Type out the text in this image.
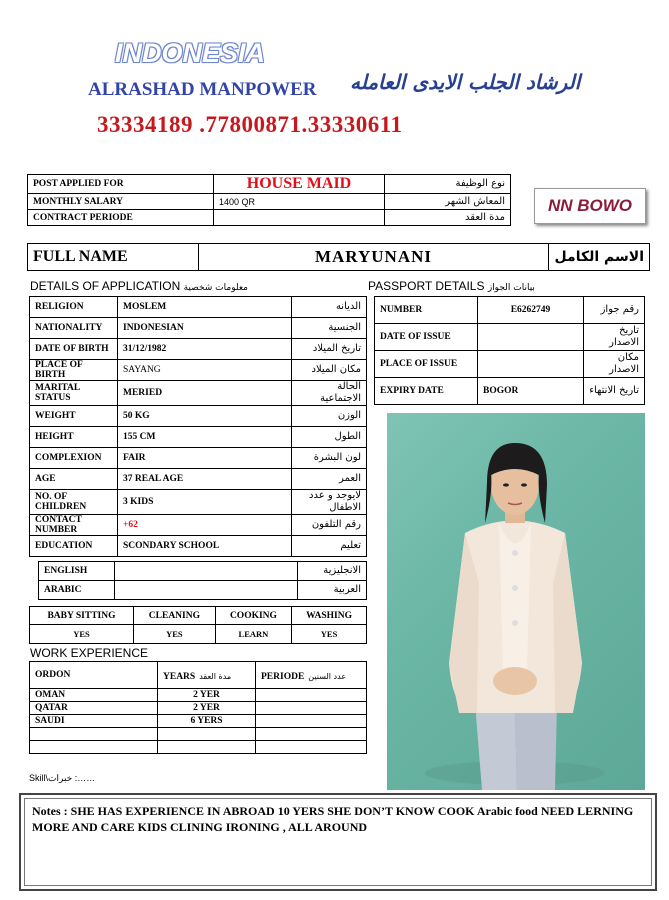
INDONESIA
ALRASHAD MANPOWER الرشاد الجلب الايدى العامله
33334189 .77800871.33330611
POST APPLIED FOR	HOUSE MAID	نوع الوظيفة
MONTHLY SALARY	1400 QR	المعاش الشهر
CONTRACT PERIODE		مدة العقد
NN BOWO
FULL NAME	MARYUNANI	الاسم الكامل
DETAILS OF APPLICATION معلومات شخصية	PASSPORT DETAILS بيانات الجواز
RELIGION	MOSLEM	الديانه
NATIONALITY	INDONESIAN	الجنسية
DATE OF BIRTH	31/12/1982	تاريخ الميلاد
PLACE OF BIRTH	SAYANG	مكان الميلاد
MARITAL STATUS	MERIED	الحالة الاجتماعية
WEIGHT	50 KG	الوزن
HEIGHT	155 CM	الطول
COMPLEXION	FAIR	لون البشرة
AGE	37 REAL AGE	العمر
NO. OF CHILDREN	3 KIDS	لايوجد و عدد الاطفال
CONTACT NUMBER	+62	رقم التلفون
EDUCATION	SCONDARY SCHOOL	تعليم
ENGLISH		الانجليزية
ARABIC		العربية
NUMBER	E6262749	رقم جواز
DATE OF ISSUE		تاريخ الاصدار
PLACE OF ISSUE		مكان الاصدار
EXPIRY DATE	BOGOR	تاريخ الانتهاء
BABY SITTING	CLEANING	COOKING	WASHING
YES	YES	LEARN	YES
WORK EXPERIENCE
ORDON	YEARS مدة العقد	PERIODE عدد السنين
OMAN	2 YER	
QATAR	2 YER	
SAUDI	6 YERS	

Skill\خبرات :……
Notes : SHE HAS EXPERIENCE IN ABROAD 10 YERS SHE DON’T KNOW COOK Arabic food NEED LERNING MORE AND CARE KIDS CLINING IRONING , ALL AROUND
